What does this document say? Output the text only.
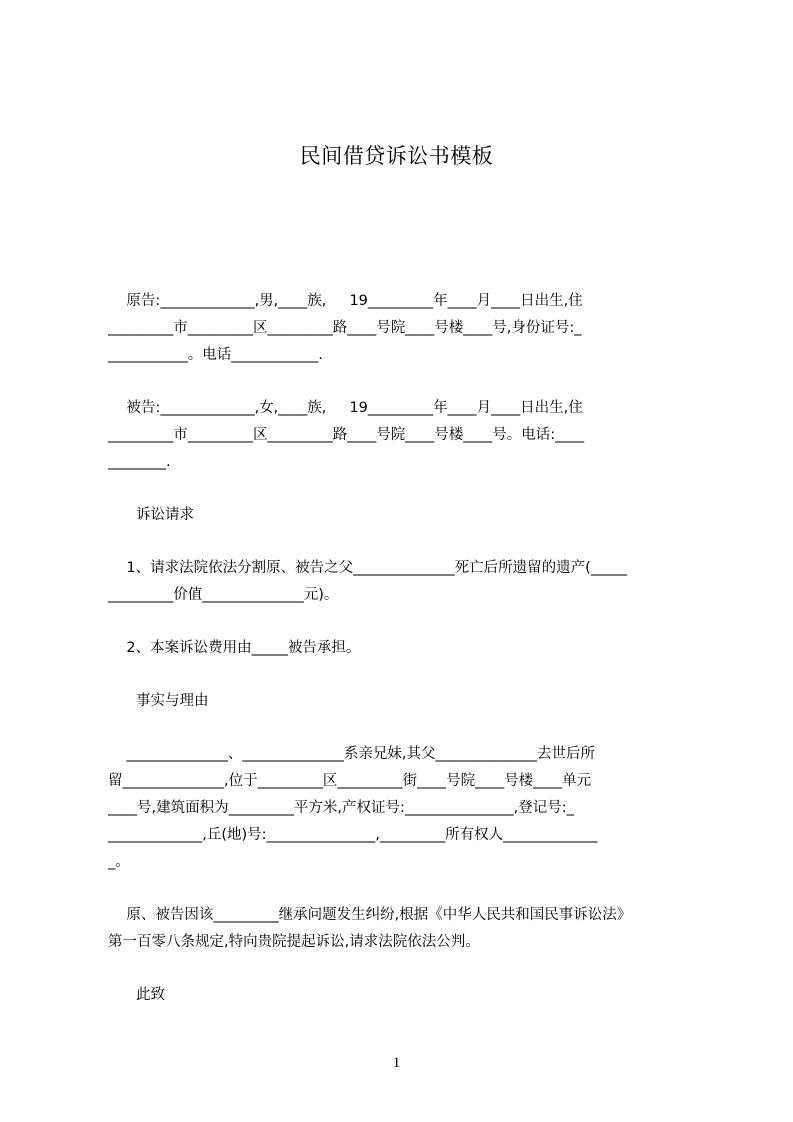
民间借贷诉讼书模板

原告:_____________,男,____族,     19_________年____月____日出生,住

_________市_________区_________路____号院____号楼____号,身份证号:_

___________。电话____________.

被告:_____________,女,____族,     19_________年____月____日出生,住

_________市_________区_________路____号院____号楼____号。电话:____

________.

诉讼请求

1、请求法院依法分割原、被告之父______________死亡后所遗留的遗产(_____

_________价值______________元)。

2、本案诉讼费用由_____被告承担。

事实与理由

______________、______________系亲兄妹,其父______________去世后所

留______________,位于_________区_________街____号院____号楼____单元

____号,建筑面积为_________平方米,产权证号:_______________,登记号:_

_____________,丘(地)号:_______________,_________所有权人_____________

_。

原、被告因该_________继承问题发生纠纷,根据《中华人民共和国民事诉讼法》

第一百零八条规定,特向贵院提起诉讼,请求法院依法公判。

此致

1
